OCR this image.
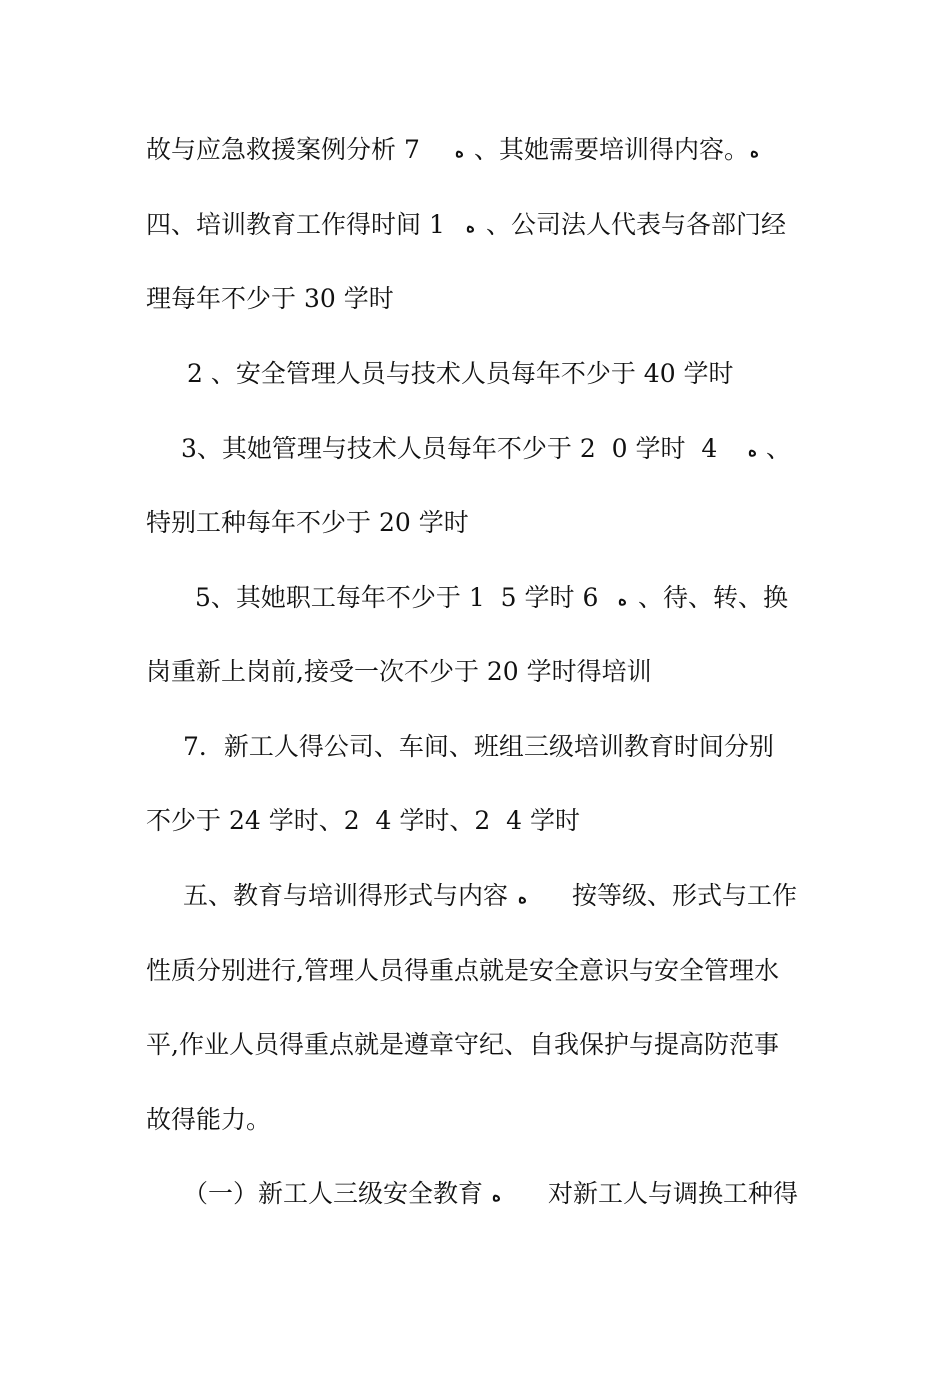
故与应急救援案例分析 7

ﻩ

、其她需要培训得内容。

ﻩ

四、培训教育工作得时间 1

ﻩ

、公司法人代表与各部门经

理每年不少于 30 学时

2 、安全管理人员与技术人员每年不少于 40 学时

3、其她管理与技术人员每年不少于 2  0 学时  4

ﻩ

、

特别工种每年不少于 20 学时

5、其她职工每年不少于 1  5 学时 6

ﻩ

、待、转、换

岗重新上岗前,接受一次不少于 20 学时得培训

7．新工人得公司、车间、班组三级培训教育时间分别

不少于 24 学时、2  4 学时、2  4 学时

五、教育与培训得形式与内容

ﻩ

按等级、形式与工作

性质分别进行,管理人员得重点就是安全意识与安全管理水

平,作业人员得重点就是遵章守纪、自我保护与提高防范事

故得能力。

（一）新工人三级安全教育

ﻩ

对新工人与调换工种得
